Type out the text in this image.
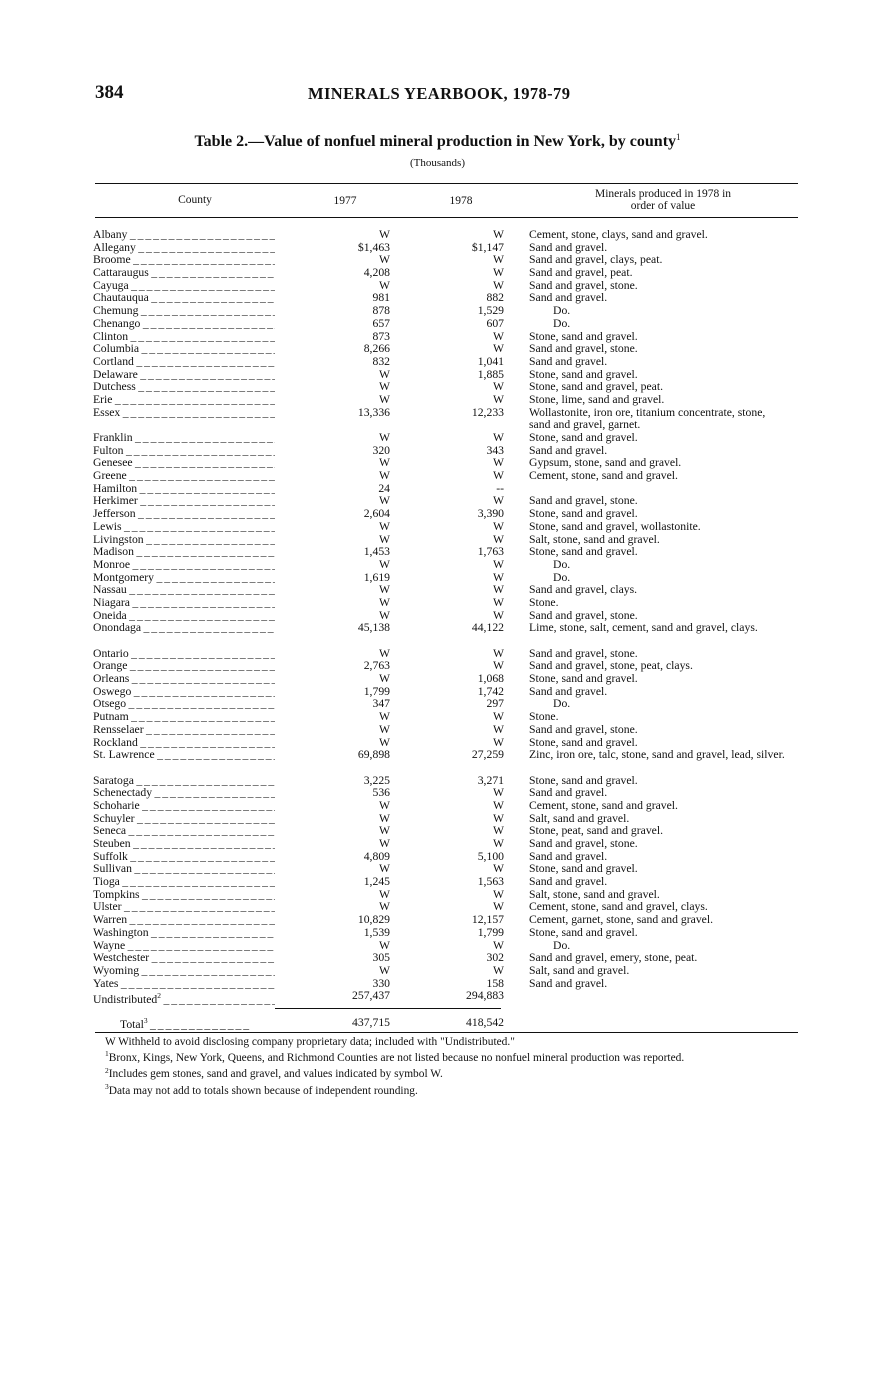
384	MINERALS YEARBOOK, 1978-79
Table 2.—Value of nonfuel mineral production in New York, by county$^1$
(Thousands)
County	1977	1978
Minerals produced in 1978 in order of value
Albany _ _ _	W	W Cement, stone, clays, sand and gravel.
Allegany _ _ _	$1,463	$1,147 Sand and gravel.
Broome _ _ _	W	W Sand and gravel, clays, peat.
Cattaraugus _ _ _	4,208	W Sand and gravel, peat.
Cayuga _ _ _	W	W Sand and gravel, stone.
Chautauqua _ _ _	981	882 Sand and gravel.
Chemung _ _ _	878	1,529	Do.
Chenango _ _ _	657	607	Do.
Clinton _ _ _	873	W Stone, sand and gravel.
Columbia _ _ _	8,266	W Sand and gravel, stone.
Cortland _ _ _	832	1,041 Sand and gravel.
Delaware _ _ _	W	1,885 Stone, sand and gravel.
Dutchess _ _ _	W	W Stone, sand and gravel, peat.
Erie _ _ _	W	W Stone, lime, sand and gravel.
Essex _ _ _	13,336	12,233 Wollastonite, iron ore, titanium concentrate, stone, sand and gravel, garnet.
Franklin _ _ _	W	W Stone, sand and gravel.
Fulton _ _ _	320	343 Sand and gravel.
Genesee _ _ _	W	W Gypsum, stone, sand and gravel.
Greene _ _ _	W	W Cement, stone, sand and gravel.
Hamilton _ _ _	24	--
Herkimer _ _ _	W	W Sand and gravel, stone.
Jefferson _ _ _	2,604	3,390 Stone, sand and gravel.
Lewis _ _ _	W	W Stone, sand and gravel, wollastonite.
Livingston _ _ _	W	W Salt, stone, sand and gravel.
Madison _ _ _	1,453	1,763 Stone, sand and gravel.
Monroe _ _ _	W	W	Do.
Montgomery _ _ _	1,619	W	Do.
Nassau _ _ _	W	W Sand and gravel, clays.
Niagara _ _ _	W	W Stone.
Oneida _ _ _	W	W Sand and gravel, stone.
Onondaga _ _ _	45,138	44,122 Lime, stone, salt, cement, sand and gravel, clays.
Ontario _ _ _	W	W Sand and gravel, stone.
Orange _ _ _	2,763	W Sand and gravel, stone, peat, clays.
Orleans _ _ _	W	1,068 Stone, sand and gravel.
Oswego _ _ _	1,799	1,742 Sand and gravel.
Otsego _ _ _	347	297	Do.
Putnam _ _ _	W	W Stone.
Rensselaer _ _ _	W	W Sand and gravel, stone.
Rockland _ _ _	W	W Stone, sand and gravel.
St. Lawrence _ _ _	69,898	27,259 Zinc, iron ore, talc, stone, sand and gravel, lead, silver.
Saratoga _ _ _	3,225	3,271 Stone, sand and gravel.
Schenectady _ _ _	536	W Sand and gravel.
Schoharie _ _ _	W	W Cement, stone, sand and gravel.
Schuyler _ _ _	W	W Salt, sand and gravel.
Seneca _ _ _	W	W Stone, peat, sand and gravel.
Steuben _ _ _	W	W Sand and gravel, stone.
Suffolk _ _ _	4,809	5,100 Sand and gravel.
Sullivan _ _ _	W	W Stone, sand and gravel.
Tioga _ _ _	1,245	1,563 Sand and gravel.
Tompkins _ _ _	W	W Salt, stone, sand and gravel.
Ulster _ _ _	W	W Cement, stone, sand and gravel, clays.
Warren _ _ _	10,829	12,157 Cement, garnet, stone, sand and gravel.
Washington _ _ _	1,539	1,799 Stone, sand and gravel.
Wayne _ _ _	W	W	Do.
Westchester _ _ _	305	302 Sand and gravel, emery, stone, peat.
Wyoming _ _ _	W	W Salt, sand and gravel.
Yates _ _ _	330	158 Sand and gravel.
Undistributed$^2$ _ _ _	257,437	294,883
Total$^3$ _ _ _	437,715	418,542

W Withheld to avoid disclosing company proprietary data; included with "Undistributed."

$^1$Bronx, Kings, New York, Queens, and Richmond Counties are not listed because no nonfuel mineral production was reported.

$^2$Includes gem stones, sand and gravel, and values indicated by symbol W.

$^3$Data may not add to totals shown because of independent rounding.
